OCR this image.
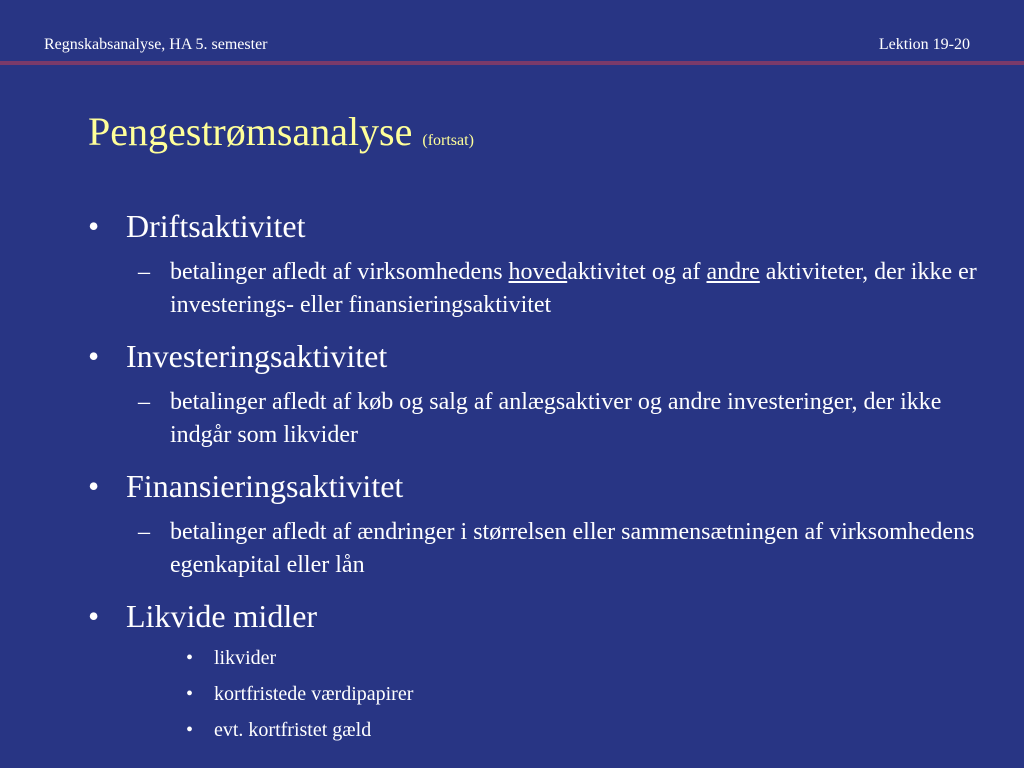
Regnskabsanalyse, HA 5. semester	Lektion 19-20
Pengestrømsanalyse (fortsat)
• Driftsaktivitet
– betalinger afledt af virksomhedens hovedaktivitet og af andre aktiviteter, der ikke er investerings- eller finansieringsaktivitet
• Investeringsaktivitet
– betalinger afledt af køb og salg af anlægsaktiver og andre investeringer, der ikke indgår som likvider
• Finansieringsaktivitet
– betalinger afledt af ændringer i størrelsen eller sammensætningen af virksomhedens egenkapital eller lån
• Likvide midler
• likvider
• kortfristede værdipapirer
• evt. kortfristet gæld
